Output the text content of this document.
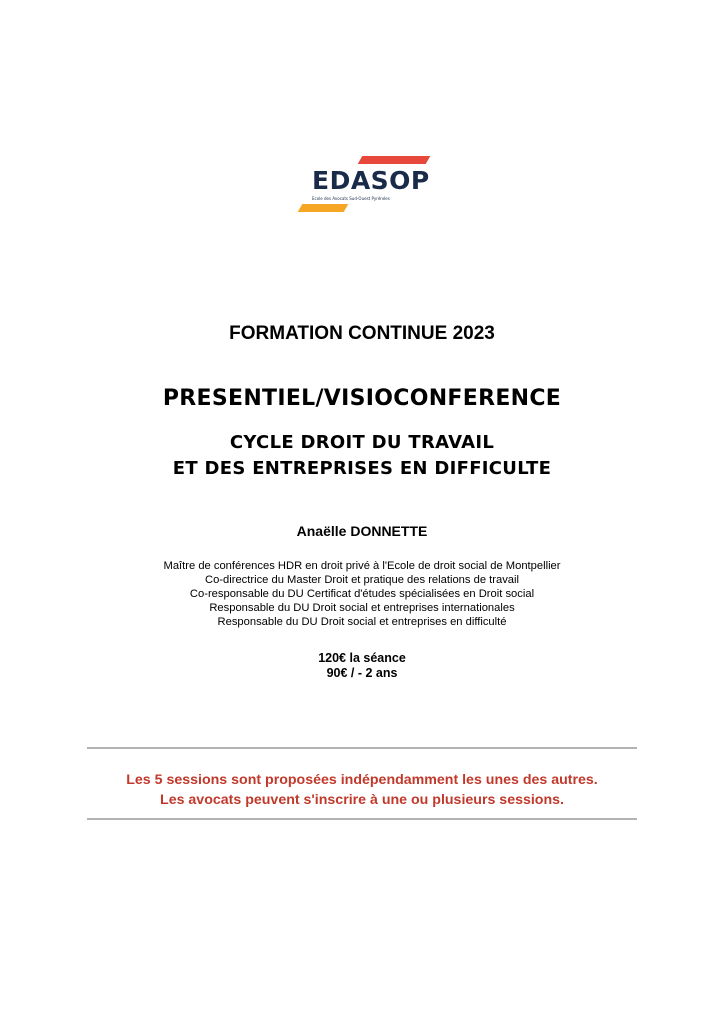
EDASOP
Ecole des Avocats Sud-Ouest Pyrénées
FORMATION CONTINUE 2023
PRESENTIEL/VISIOCONFERENCE
CYCLE DROIT DU TRAVAIL
ET DES ENTREPRISES EN DIFFICULTE
Anaëlle DONNETTE
Maître de conférences HDR en droit privé à l'Ecole de droit social de Montpellier
Co-directrice du Master Droit et pratique des relations de travail
Co-responsable du DU Certificat d'études spécialisées en Droit social
Responsable du DU Droit social et entreprises internationales
Responsable du DU Droit social et entreprises en difficulté
120€ la séance
90€ / - 2 ans
Les 5 sessions sont proposées indépendamment les unes des autres.
Les avocats peuvent s'inscrire à une ou plusieurs sessions.
